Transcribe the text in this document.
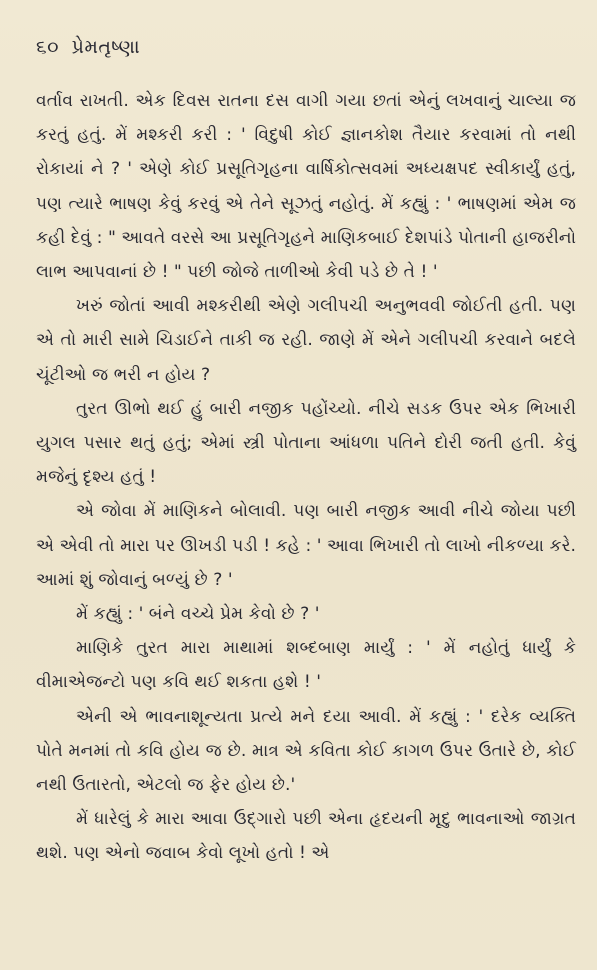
૬૦ પ્રેમતૃષ્ણા

વર્તાવ રાખતી. એક દિવસ રાતના દસ વાગી ગયા છતાં એનું લખવાનું ચાલ્યા જ કરતું હતું. મેં મશ્કરી કરી : ' વિદુષી કોઈ જ્ઞાનકોશ તૈયાર કરવામાં તો નથી રોકાયાં ને ? ' એણે કોઈ પ્રસૂતિગૃહના વાર્ષિકોત્સવમાં અધ્યક્ષપદ સ્વીકાર્યું હતું, પણ ત્યારે ભાષણ કેવું કરવું એ તેને સૂઝતું નહોતું. મેં કહ્યું : ' ભાષણમાં એમ જ કહી દેવું : " આવતે વરસે આ પ્રસૂતિગૃહને માણિકબાઈ દેશપાંડે પોતાની હાજરીનો લાભ આપવાનાં છે ! " પછી જોજે તાળીઓ કેવી પડે છે તે ! '

ખરું જોતાં આવી મશ્કરીથી એણે ગલીપચી અનુભવવી જોઈતી હતી. પણ એ તો મારી સામે ચિડાઈને તાકી જ રહી. જાણે મેં એને ગલીપચી કરવાને બદલે ચૂંટીઓ જ ભરી ન હોય ?

તુરત ઊભો થઈ હું બારી નજીક પહોંચ્યો. નીચે સડક ઉપર એક ભિખારી યુગલ પસાર થતું હતું; એમાં સ્ત્રી પોતાના આંધળા પતિને દોરી જતી હતી. કેવું મજેનું દૃશ્ય હતું !

એ જોવા મેં માણિકને બોલાવી. પણ બારી નજીક આવી નીચે જોયા પછી એ એવી તો મારા પર ઊખડી પડી ! કહે : ' આવા ભિખારી તો લાખો નીકળ્યા કરે. આમાં શું જોવાનું બળ્યું છે ? '

મેં કહ્યું : ' બંને વચ્ચે પ્રેમ કેવો છે ? '

માણિકે તુરત મારા માથામાં શબ્દબાણ માર્યું : ' મેં નહોતું ધાર્યું કે વીમાએજન્ટો પણ કવિ થઈ શકતા હશે ! '

એની એ ભાવનાશૂન્યતા પ્રત્યે મને દયા આવી. મેં કહ્યું : ' દરેક વ્યક્તિ પોતે મનમાં તો કવિ હોય જ છે. માત્ર એ કવિતા કોઈ કાગળ ઉપર ઉતારે છે, કોઈ નથી ઉતારતો, એટલો જ ફેર હોય છે.'

મેં ધારેલું કે મારા આવા ઉદ્ગારો પછી એના હૃદયની મૃદુ ભાવનાઓ જાગ્રત થશે. પણ એનો જવાબ કેવો લૂખો હતો ! એ
